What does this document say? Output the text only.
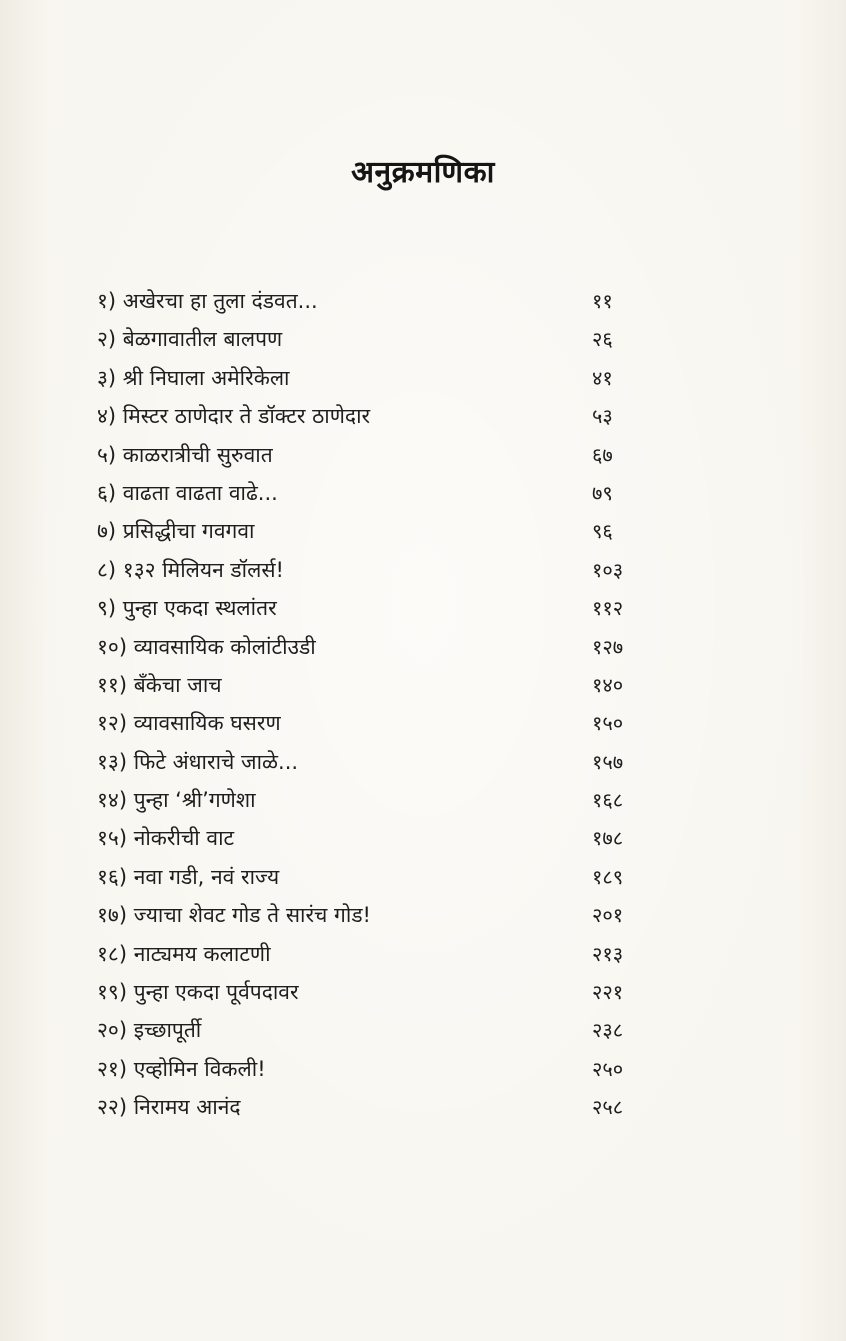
अनुक्रमणिका
१) अखेरचा हा तुला दंडवत...	११
२) बेळगावातील बालपण	२६
३) श्री निघाला अमेरिकेला	४१
४) मिस्टर ठाणेदार ते डॉक्टर ठाणेदार	५३
५) काळरात्रीची सुरुवात	६७
६) वाढता वाढता वाढे...	७९
७) प्रसिद्धीचा गवगवा	९६
८) १३२ मिलियन डॉलर्स!	१०३
९) पुन्हा एकदा स्थलांतर	११२
१०) व्यावसायिक कोलांटीउडी	१२७
११) बँकेचा जाच	१४०
१२) व्यावसायिक घसरण	१५०
१३) फिटे अंधाराचे जाळे...	१५७
१४) पुन्हा ‘श्री’गणेशा	१६८
१५) नोकरीची वाट	१७८
१६) नवा गडी, नवं राज्य	१८९
१७) ज्याचा शेवट गोड ते सारंच गोड!	२०१
१८) नाट्यमय कलाटणी	२१३
१९) पुन्हा एकदा पूर्वपदावर	२२१
२०) इच्छापूर्ती	२३८
२१) एव्होमिन विकली!	२५०
२२) निरामय आनंद	२५८
